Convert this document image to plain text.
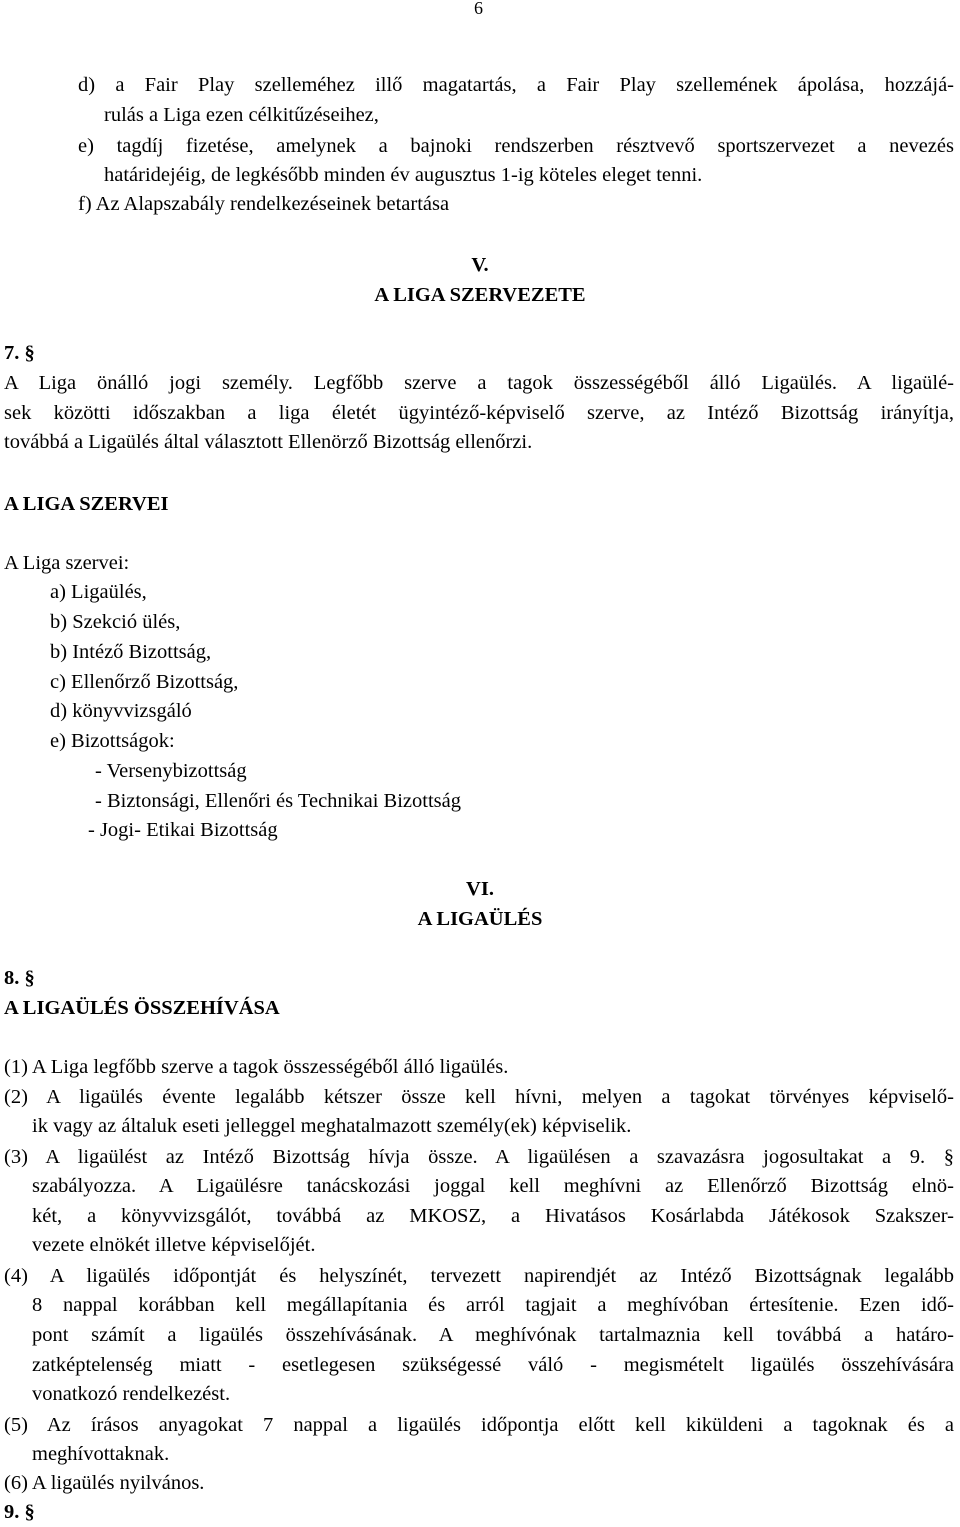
6
d) a Fair Play szelleméhez illő magatartás, a Fair Play szellemének ápolása, hozzájá-
rulás a Liga ezen célkitűzéseihez,
e) tagdíj fizetése, amelynek a bajnoki rendszerben résztvevő sportszervezet a nevezés
határidejéig, de legkésőbb minden év augusztus 1-ig köteles eleget tenni.
f) Az Alapszabály rendelkezéseinek betartása
V.
A LIGA SZERVEZETE
7. §
A Liga önálló jogi személy. Legfőbb szerve a tagok összességéből álló Ligaülés. A ligaülé-
sek közötti időszakban a liga életét ügyintéző-képviselő szerve, az Intéző Bizottság irányítja,
továbbá a Ligaülés által választott Ellenörző Bizottság ellenőrzi.
A LIGA SZERVEI
A Liga szervei:
a) Ligaülés,
b) Szekció ülés,
b) Intéző Bizottság,
c) Ellenőrző Bizottság,
d) könyvvizsgáló
e) Bizottságok:
- Versenybizottság
- Biztonsági, Ellenőri és Technikai Bizottság
- Jogi- Etikai Bizottság
VI.
A LIGAÜLÉS
8. §
A LIGAÜLÉS ÖSSZEHÍVÁSA
(1) A Liga legfőbb szerve a tagok összességéből álló ligaülés.
(2) A ligaülés évente legalább kétszer össze kell hívni, melyen a tagokat törvényes képviselő-
ik vagy az általuk eseti jelleggel meghatalmazott személy(ek) képviselik.
(3) A ligaülést az Intéző Bizottság hívja össze. A ligaülésen a szavazásra jogosultakat a 9. §
szabályozza. A Ligaülésre tanácskozási joggal kell meghívni az Ellenőrző Bizottság elnö-
két, a könyvvizsgálót, továbbá az MKOSZ, a Hivatásos Kosárlabda Játékosok Szakszer-
vezete elnökét illetve képviselőjét.
(4) A ligaülés időpontját és helyszínét, tervezett napirendjét az Intéző Bizottságnak legalább
8 nappal korábban kell megállapítania és arról tagjait a meghívóban értesítenie. Ezen idő-
pont számít a ligaülés összehívásának. A meghívónak tartalmaznia kell továbbá a határo-
zatképtelenség miatt - esetlegesen szükségessé váló - megismételt ligaülés összehívására
vonatkozó rendelkezést.
(5) Az írásos anyagokat 7 nappal a ligaülés időpontja előtt kell kiküldeni a tagoknak és a
meghívottaknak.
(6) A ligaülés nyilvános.
9. §
